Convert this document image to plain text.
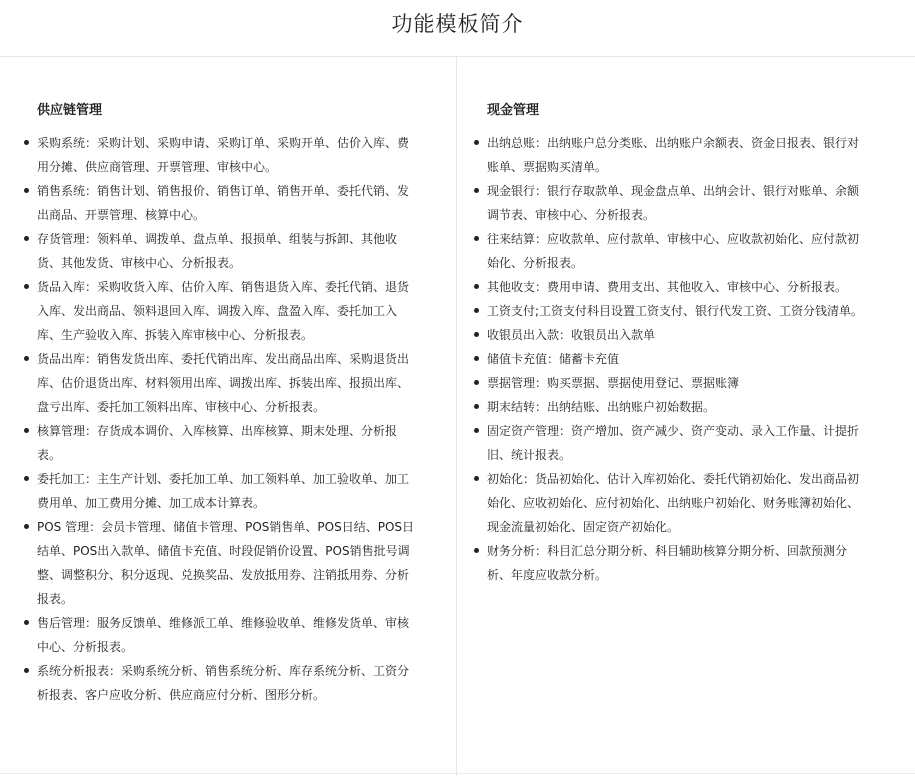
功能模板简介
供应链管理
采购系统：采购计划、采购申请、采购订单、采购开单、估价入库、费用分摊、供应商管理、开票管理、审核中心。
销售系统：销售计划、销售报价、销售订单、销售开单、委托代销、发出商品、开票管理、核算中心。
存货管理：领料单、调拨单、盘点单、报损单、组装与拆卸、其他收货、其他发货、审核中心、分析报表。
货品入库：采购收货入库、估价入库、销售退货入库、委托代销、退货入库、发出商品、领料退回入库、调拨入库、盘盈入库、委托加工入库、生产验收入库、拆装入库审核中心、分析报表。
货品出库：销售发货出库、委托代销出库、发出商品出库、采购退货出库、估价退货出库、材料领用出库、调拨出库、拆装出库、报损出库、盘亏出库、委托加工领料出库、审核中心、分析报表。
核算管理：存货成本调价、入库核算、出库核算、期末处理、分析报表。
委托加工：主生产计划、委托加工单、加工领料单、加工验收单、加工费用单、加工费用分摊、加工成本计算表。
POS 管理：会员卡管理、储值卡管理、POS销售单、POS日结、POS日结单、POS出入款单、储值卡充值、时段促销价设置、POS销售批号调整、调整积分、积分返现、兑换奖品、发放抵用券、注销抵用券、分析报表。
售后管理：服务反馈单、维修派工单、维修验收单、维修发货单、审核中心、分析报表。
系统分析报表：采购系统分析、销售系统分析、库存系统分析、工资分析报表、客户应收分析、供应商应付分析、图形分析。
现金管理
出纳总账：出纳账户总分类账、出纳账户余额表、资金日报表、银行对账单、票据购买清单。
现金银行：银行存取款单、现金盘点单、出纳会计、银行对账单、余额调节表、审核中心、分析报表。
往来结算：应收款单、应付款单、审核中心、应收款初始化、应付款初始化、分析报表。
其他收支：费用申请、费用支出、其他收入、审核中心、分析报表。
工资支付;工资支付科目设置工资支付、银行代发工资、工资分钱清单。
收银员出入款：收银员出入款单
储值卡充值：储蓄卡充值
票据管理：购买票据、票据使用登记、票据账簿
期末结转：出纳结账、出纳账户初始数据。
固定资产管理：资产增加、资产减少、资产变动、录入工作量、计提折旧、统计报表。
初始化：货品初始化、估计入库初始化、委托代销初始化、发出商品初始化、应收初始化、应付初始化、出纳账户初始化、财务账簿初始化、现金流量初始化、固定资产初始化。
财务分析：科目汇总分期分析、科目辅助核算分期分析、回款预测分析、年度应收款分析。
